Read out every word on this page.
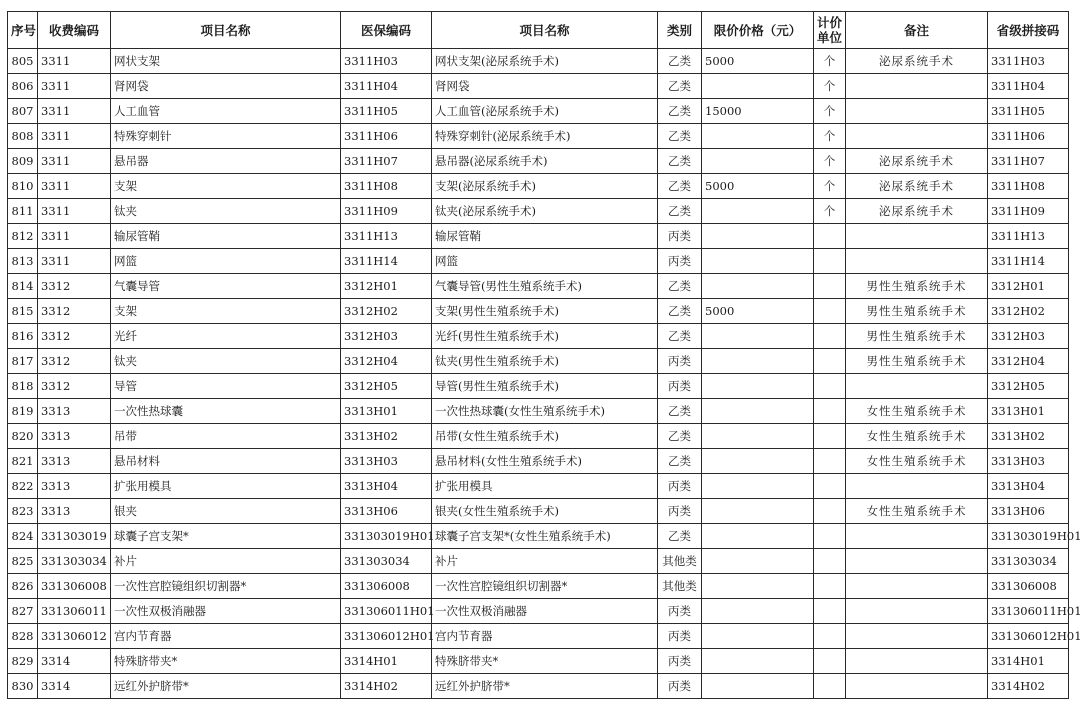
序号	收费编码	项目名称	医保编码	项目名称	类别	限价价格（元）	计价单位	备注	省级拼接码
805	3311	网状支架	3311H03	网状支架(泌尿系统手术)	乙类	5000	个	泌尿系统手术	3311H03
806	3311	肾网袋	3311H04	肾网袋	乙类		个		3311H04
807	3311	人工血管	3311H05	人工血管(泌尿系统手术)	乙类	15000	个		3311H05
808	3311	特殊穿刺针	3311H06	特殊穿刺针(泌尿系统手术)	乙类		个		3311H06
809	3311	悬吊器	3311H07	悬吊器(泌尿系统手术)	乙类		个	泌尿系统手术	3311H07
810	3311	支架	3311H08	支架(泌尿系统手术)	乙类	5000	个	泌尿系统手术	3311H08
811	3311	钛夹	3311H09	钛夹(泌尿系统手术)	乙类		个	泌尿系统手术	3311H09
812	3311	输尿管鞘	3311H13	输尿管鞘	丙类				3311H13
813	3311	网篮	3311H14	网篮	丙类				3311H14
814	3312	气囊导管	3312H01	气囊导管(男性生殖系统手术)	乙类			男性生殖系统手术	3312H01
815	3312	支架	3312H02	支架(男性生殖系统手术)	乙类	5000		男性生殖系统手术	3312H02
816	3312	光纤	3312H03	光纤(男性生殖系统手术)	乙类			男性生殖系统手术	3312H03
817	3312	钛夹	3312H04	钛夹(男性生殖系统手术)	丙类			男性生殖系统手术	3312H04
818	3312	导管	3312H05	导管(男性生殖系统手术)	丙类				3312H05
819	3313	一次性热球囊	3313H01	一次性热球囊(女性生殖系统手术)	乙类			女性生殖系统手术	3313H01
820	3313	吊带	3313H02	吊带(女性生殖系统手术)	乙类			女性生殖系统手术	3313H02
821	3313	悬吊材料	3313H03	悬吊材料(女性生殖系统手术)	乙类			女性生殖系统手术	3313H03
822	3313	扩张用模具	3313H04	扩张用模具	丙类				3313H04
823	3313	银夹	3313H06	银夹(女性生殖系统手术)	丙类			女性生殖系统手术	3313H06
824	331303019	球囊子宫支架*	331303019H01	球囊子宫支架*(女性生殖系统手术)	乙类				331303019H01
825	331303034	补片	331303034	补片	其他类				331303034
826	331306008	一次性宫腔镜组织切割器*	331306008	一次性宫腔镜组织切割器*	其他类				331306008
827	331306011	一次性双极消融器	331306011H01	一次性双极消融器	丙类				331306011H01
828	331306012	宫内节育器	331306012H01	宫内节育器	丙类				331306012H01
829	3314	特殊脐带夹*	3314H01	特殊脐带夹*	丙类				3314H01
830	3314	远红外护脐带*	3314H02	远红外护脐带*	丙类				3314H02
